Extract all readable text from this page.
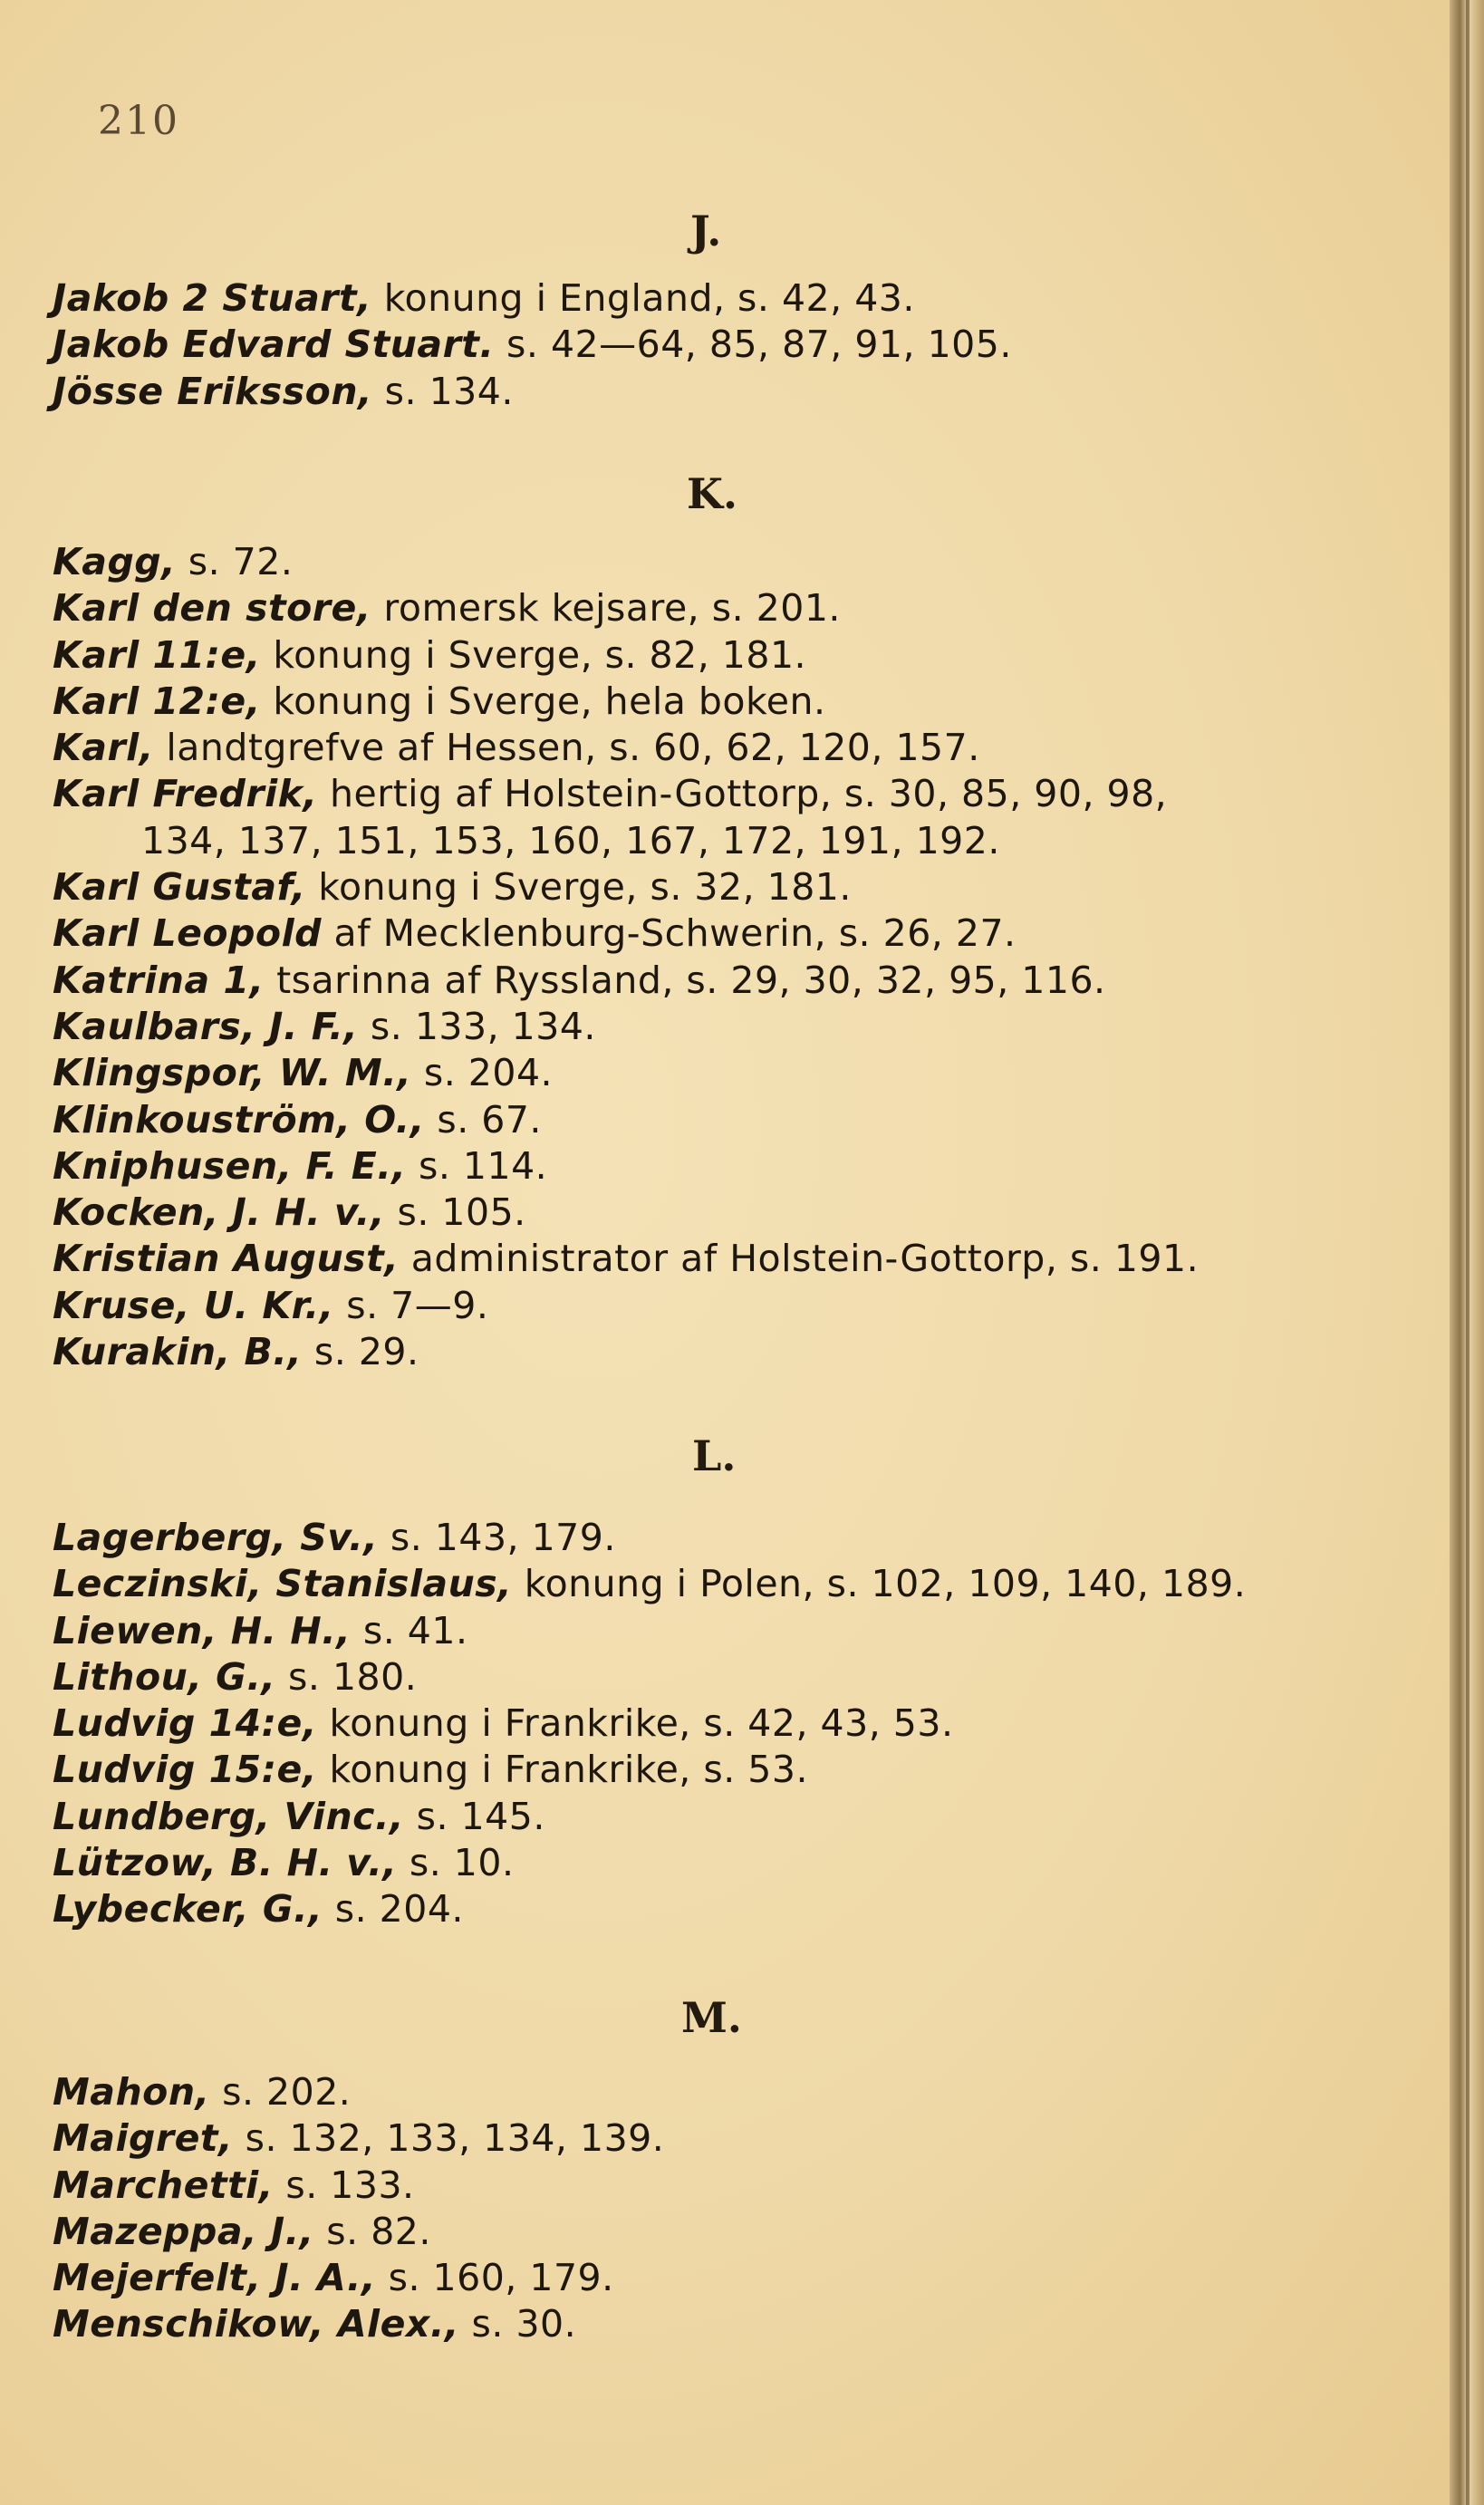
210
J.
Jakob 2 Stuart, konung i England, s. 42, 43.
Jakob Edvard Stuart. s. 42—64, 85, 87, 91, 105.
Jösse Eriksson, s. 134.
K.
Kagg, s. 72.
Karl den store, romersk kejsare, s. 201.
Karl 11:e, konung i Sverge, s. 82, 181.
Karl 12:e, konung i Sverge, hela boken.
Karl, landtgrefve af Hessen, s. 60, 62, 120, 157.
Karl Fredrik, hertig af Holstein-Gottorp, s. 30, 85, 90, 98,
134, 137, 151, 153, 160, 167, 172, 191, 192.
Karl Gustaf, konung i Sverge, s. 32, 181.
Karl Leopold af Mecklenburg-Schwerin, s. 26, 27.
Katrina 1, tsarinna af Ryssland, s. 29, 30, 32, 95, 116.
Kaulbars, J. F., s. 133, 134.
Klingspor, W. M., s. 204.
Klinkouström, O., s. 67.
Kniphusen, F. E., s. 114.
Kocken, J. H. v., s. 105.
Kristian August, administrator af Holstein-Gottorp, s. 191.
Kruse, U. Kr., s. 7—9.
Kurakin, B., s. 29.
L.
Lagerberg, Sv., s. 143, 179.
Leczinski, Stanislaus, konung i Polen, s. 102, 109, 140, 189.
Liewen, H. H., s. 41.
Lithou, G., s. 180.
Ludvig 14:e, konung i Frankrike, s. 42, 43, 53.
Ludvig 15:e, konung i Frankrike, s. 53.
Lundberg, Vinc., s. 145.
Lützow, B. H. v., s. 10.
Lybecker, G., s. 204.
M.
Mahon, s. 202.
Maigret, s. 132, 133, 134, 139.
Marchetti, s. 133.
Mazeppa, J., s. 82.
Mejerfelt, J. A., s. 160, 179.
Menschikow, Alex., s. 30.
